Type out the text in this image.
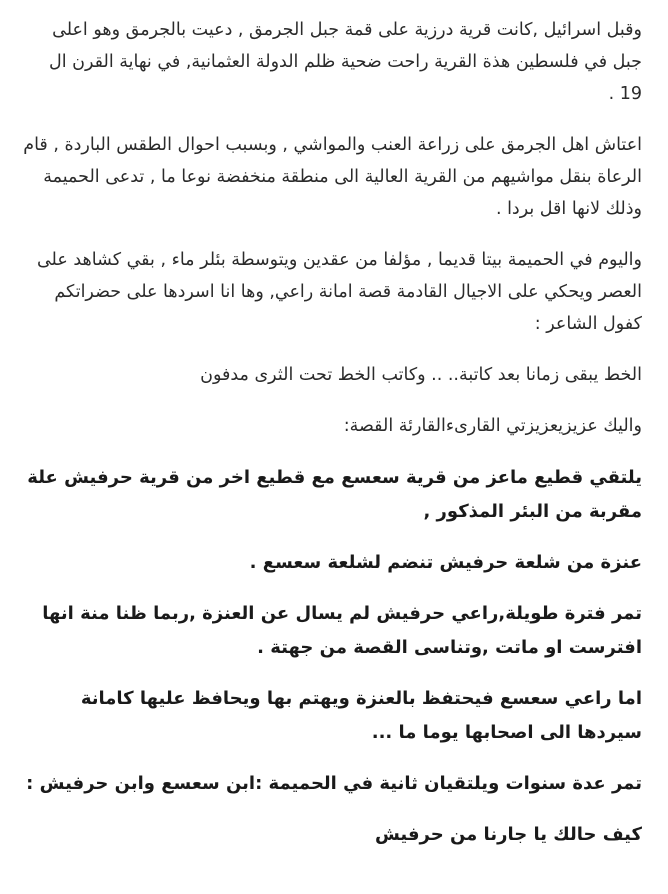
وقبل اسرائيل ,كانت قرية درزية على قمة جبل الجرمق , دعيت بالجرمق وهو اعلى جبل في فلسطين هذة القرية راحت ضحية ظلم الدولة العثمانية, في نهاية القرن ال 19 .

اعتاش اهل الجرمق على زراعة العنب والمواشي , وبسبب احوال الطقس الباردة , قام الرعاة بنقل مواشيهم من القرية العالية الى منطقة منخفضة نوعا ما , تدعى الحميمة وذلك لانها اقل بردا .

واليوم في الحميمة بيتا قديما , مؤلفا من عقدين ويتوسطة بئلر ماء , بقي كشاهد على العصر ويحكي على الاجيال القادمة قصة امانة راعي, وها انا اسردها على حضراتكم كفول الشاعر :

الخط يبقى زمانا بعد كاتبة.. .. وكاتب الخط تحت الثرى مدفون

واليك عزيزيعزيزتي القارىءالقارئة القصة:

يلتقي قطيع ماعز من قرية سعسع مع قطيع اخر من قرية حرفيش علة مقربة من البئر المذكور ,

عنزة من شلعة حرفيش تنضم لشلعة سعسع .

تمر فترة طويلة,راعي حرفيش لم يسال عن العنزة ,ربما ظنا منة انها افترست او ماتت ,وتناسى القصة من جهتة .

اما راعي سعسع فيحتفظ بالعنزة ويهتم بها ويحافظ عليها كامانة سيردها الى اصحابها يوما ما ...

تمر عدة سنوات ويلتقيان ثانية في الحميمة :ابن سعسع وابن حرفيش :

كيف حالك يا جارنا من حرفيش
